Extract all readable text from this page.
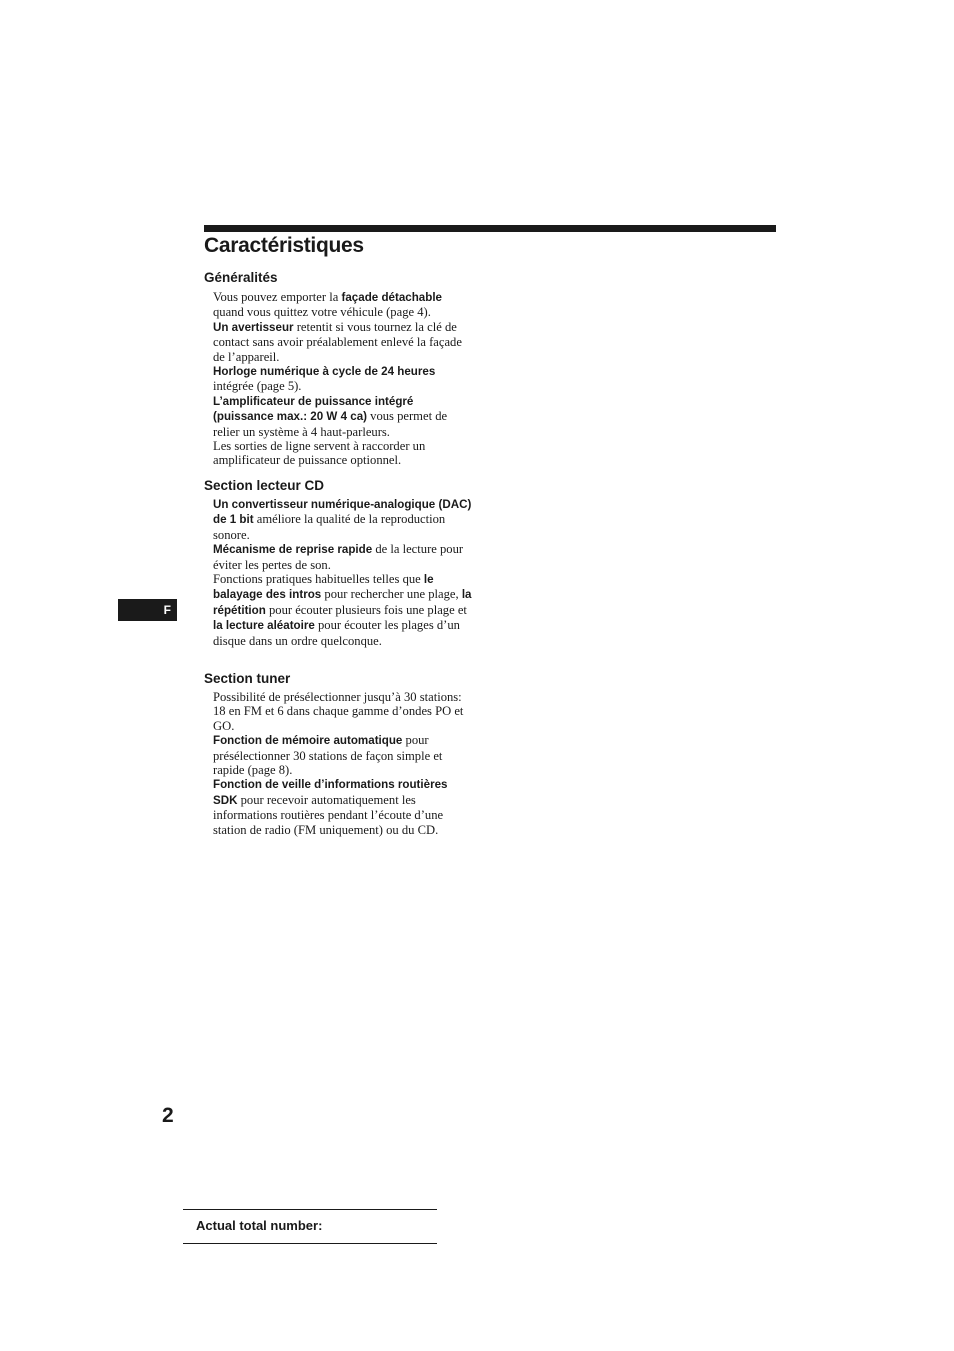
Caractéristiques
Généralités
Vous pouvez emporter la façade détachable quand vous quittez votre véhicule (page 4).
Un avertisseur retentit si vous tournez la clé de contact sans avoir préalablement enlevé la façade de l’appareil.
Horloge numérique à cycle de 24 heures intégrée (page 5).
L’amplificateur de puissance intégré (puissance max.: 20 W 4 ca) vous permet de relier un système à 4 haut-parleurs.
Les sorties de ligne servent à raccorder un amplificateur de puissance optionnel.
Section lecteur CD
Un convertisseur numérique-analogique (DAC) de 1 bit améliore la qualité de la reproduction sonore.
Mécanisme de reprise rapide de la lecture pour éviter les pertes de son.
Fonctions pratiques habituelles telles que le balayage des intros pour rechercher une plage, la répétition pour écouter plusieurs fois une plage et la lecture aléatoire pour écouter les plages d’un disque dans un ordre quelconque.
Section tuner
Possibilité de présélectionner jusqu’à 30 stations: 18 en FM et 6 dans chaque gamme d’ondes PO et GO.
Fonction de mémoire automatique pour présélectionner 30 stations de façon simple et rapide (page 8).
Fonction de veille d’informations routières SDK pour recevoir automatiquement les informations routières pendant l’écoute d’une station de radio (FM uniquement) ou du CD.
F
2
Actual total number:
